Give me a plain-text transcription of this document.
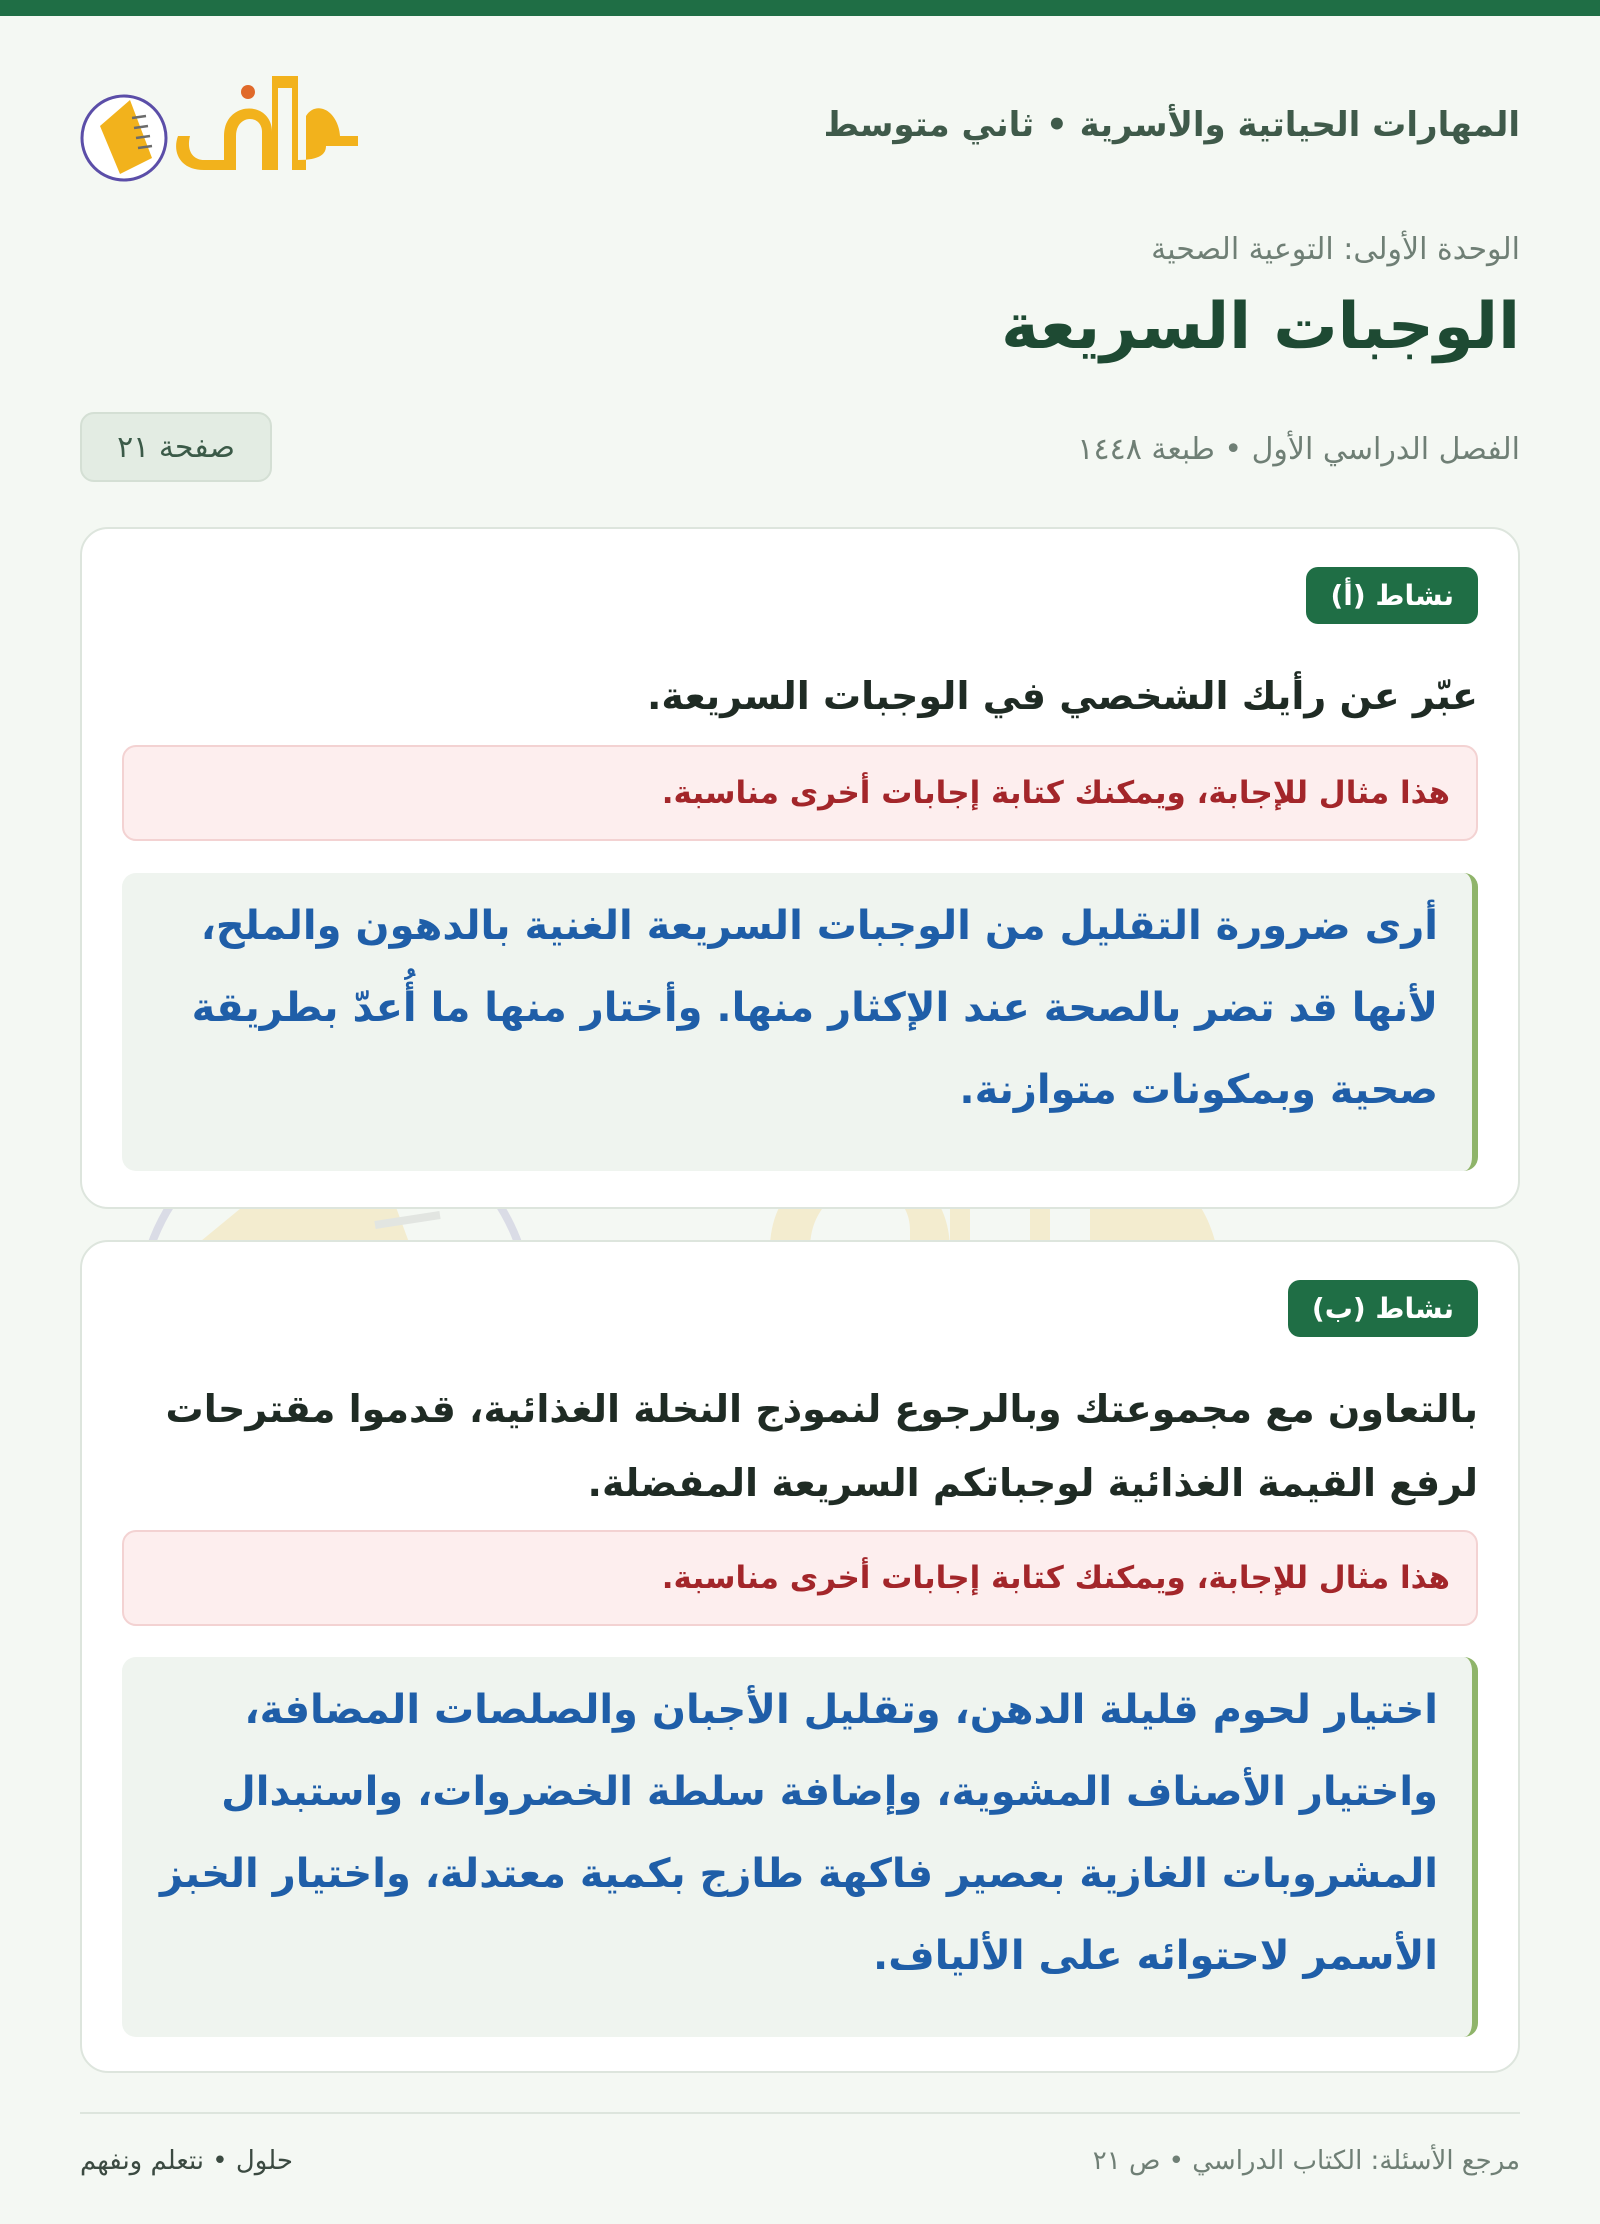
المهارات الحياتية والأسرية • ثاني متوسط
الوحدة الأولى: التوعية الصحية
الوجبات السريعة
الفصل الدراسي الأول • طبعة ١٤٤٨
صفحة ٢١
نشاط (أ)
عبّر عن رأيك الشخصي في الوجبات السريعة.
هذا مثال للإجابة، ويمكنك كتابة إجابات أخرى مناسبة.
أرى ضرورة التقليل من الوجبات السريعة الغنية بالدهون والملح، لأنها قد تضر بالصحة عند الإكثار منها. وأختار منها ما أُعدّ بطريقة صحية وبمكونات متوازنة.
نشاط (ب)
بالتعاون مع مجموعتك وبالرجوع لنموذج النخلة الغذائية، قدموا مقترحات لرفع القيمة الغذائية لوجباتكم السريعة المفضلة.
هذا مثال للإجابة، ويمكنك كتابة إجابات أخرى مناسبة.
اختيار لحوم قليلة الدهن، وتقليل الأجبان والصلصات المضافة، واختيار الأصناف المشوية، وإضافة سلطة الخضروات، واستبدال المشروبات الغازية بعصير فاكهة طازج بكمية معتدلة، واختيار الخبز الأسمر لاحتوائه على الألياف.
مرجع الأسئلة: الكتاب الدراسي • ص ٢١
حلول • نتعلم ونفهم
